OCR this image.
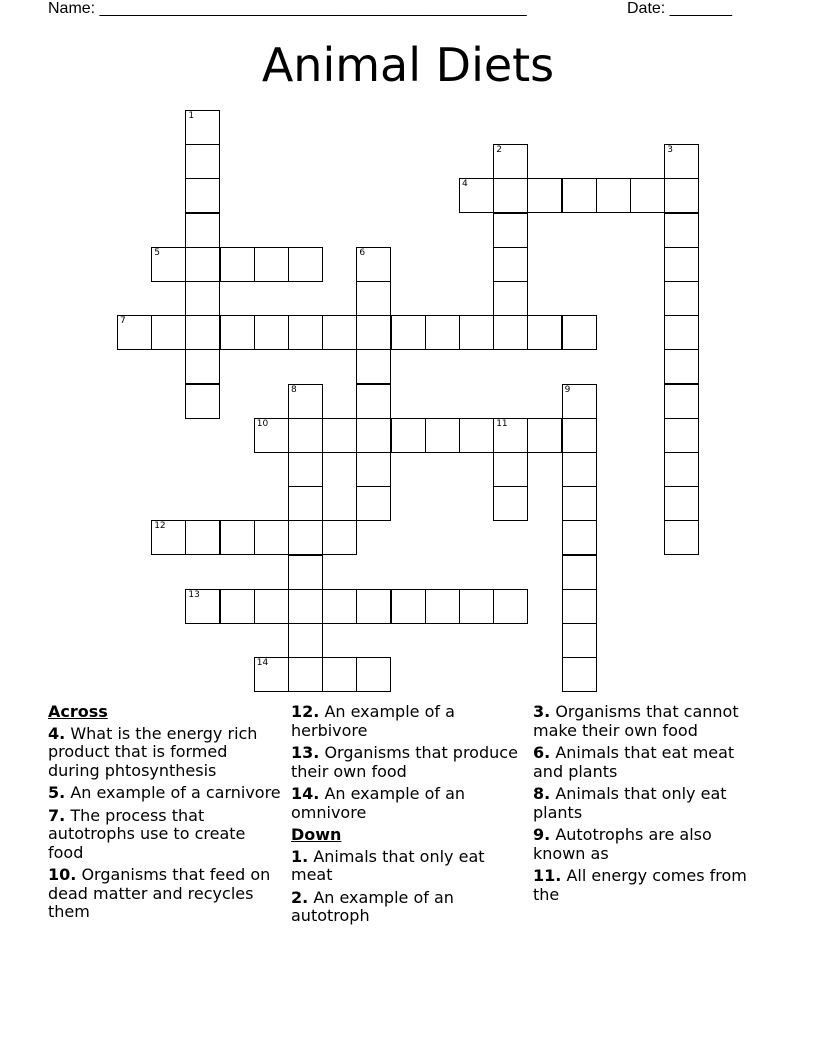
Name: ________________________________________________	Date: _______
Animal Diets
1
2	3
4
5	6
7
8	9
10	11
12
13
14
Across
4. What is the energy rich product that is formed during phtosynthesis
5. An example of a carnivore
7. The process that autotrophs use to create food
10. Organisms that feed on dead matter and recycles them
12. An example of a herbivore
13. Organisms that produce their own food
14. An example of an omnivore
Down
1. Animals that only eat meat
2. An example of an autotroph
3. Organisms that cannot make their own food
6. Animals that eat meat and plants
8. Animals that only eat plants
9. Autotrophs are also known as
11. All energy comes from the
